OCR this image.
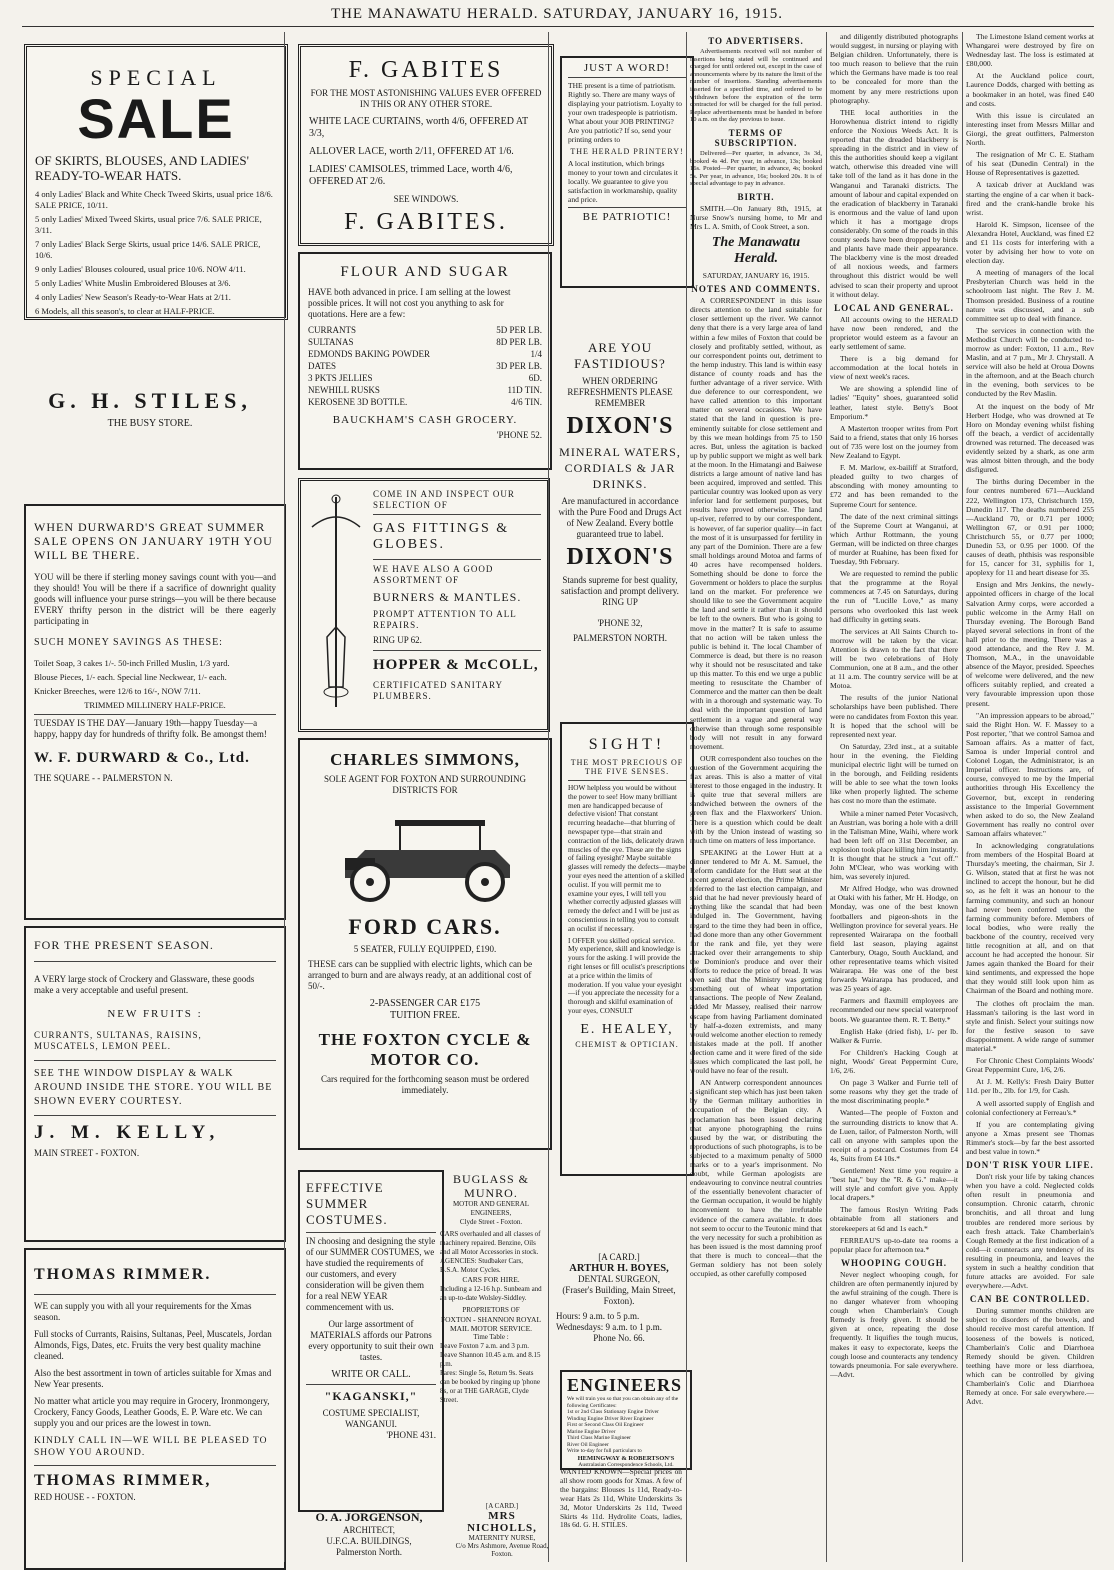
THE MANAWATU HERALD. SATURDAY, JANUARY 16, 1915.
SPECIAL
SALE
OF SKIRTS, BLOUSES, AND LADIES' READY-TO-WEAR HATS.
4 only Ladies' Black and White Check Tweed Skirts, usual price 18/6. SALE PRICE, 10/11.
5 only Ladies' Mixed Tweed Skirts, usual price 7/6. SALE PRICE, 3/11.
7 only Ladies' Black Serge Skirts, usual price 14/6. SALE PRICE, 10/6.
9 only Ladies' Blouses coloured, usual price 10/6. NOW 4/11.
5 only Ladies' White Muslin Embroidered Blouses at 3/6.
4 only Ladies' New Season's Ready-to-Wear Hats at 2/11.
6 Models, all this season's, to clear at HALF-PRICE.
G. H. STILES,
THE BUSY STORE.
WHEN DURWARD'S GREAT SUMMER SALE OPENS ON JANUARY 19TH YOU WILL BE THERE.
YOU will be there if sterling money savings count with you—and they should! You will be there if a sacrifice of downright quality goods will influence your purse strings—you will be there because EVERY thrifty person in the district will be there eagerly participating in
SUCH MONEY SAVINGS AS THESE:
Toilet Soap, 3 cakes 1/-. 50-inch Frilled Muslin, 1/3 yard.
Blouse Pieces, 1/- each. Special line Neckwear, 1/- each.
Knicker Breeches, were 12/6 to 16/-, NOW 7/11.
TRIMMED MILLINERY HALF-PRICE.
TUESDAY IS THE DAY—January 19th—happy Tuesday—a happy, happy day for hundreds of thrifty folk. Be amongst them!
W. F. DURWARD & Co., Ltd.
THE SQUARE - - PALMERSTON N.
FOR THE PRESENT SEASON.
A VERY large stock of Crockery and Glassware, these goods make a very acceptable and useful present.
NEW FRUITS :
CURRANTS, SULTANAS, RAISINS,
MUSCATELS, LEMON PEEL.
SEE THE WINDOW DISPLAY & WALK AROUND INSIDE THE STORE. YOU WILL BE SHOWN EVERY COURTESY.
J. M. KELLY,
MAIN STREET - FOXTON.
THOMAS RIMMER.
WE can supply you with all your requirements for the Xmas season.
Full stocks of Currants, Raisins, Sultanas, Peel, Muscatels, Jordan Almonds, Figs, Dates, etc. Fruits the very best quality machine cleaned.
Also the best assortment in town of articles suitable for Xmas and New Year presents.
No matter what article you may require in Grocery, Ironmongery, Crockery, Fancy Goods, Leather Goods, E. P. Ware etc. We can supply you and our prices are the lowest in town.
KINDLY CALL IN—WE WILL BE PLEASED TO SHOW YOU AROUND.
THOMAS RIMMER,
RED HOUSE - - FOXTON.
F. GABITES
FOR THE MOST ASTONISHING VALUES EVER OFFERED IN THIS OR ANY OTHER STORE.
WHITE LACE CURTAINS, worth 4/6, OFFERED AT 3/3,
ALLOVER LACE, worth 2/11, OFFERED AT 1/6.
LADIES' CAMISOLES, trimmed Lace, worth 4/6, OFFERED AT 2/6.
SEE WINDOWS.
F. GABITES.
FLOUR AND SUGAR
HAVE both advanced in price. I am selling at the lowest possible prices. It will not cost you anything to ask for quotations. Here are a few:
CURRANTS	5D PER LB.
SULTANAS	8D PER LB.
EDMONDS BAKING POWDER	1/4
DATES	3D PER LB.
3 PKTS JELLIES	6D.
NEWHILL RUSKS	11D TIN.
KEROSENE 3D BOTTLE.	4/6 TIN.
BAUCKHAM'S CASH GROCERY.
'PHONE 52.
COME IN AND INSPECT OUR SELECTION OF
GAS FITTINGS & GLOBES.
WE HAVE ALSO A GOOD ASSORTMENT OF
BURNERS & MANTLES.
PROMPT ATTENTION TO ALL REPAIRS.
RING UP 62.
HOPPER & McCOLL,
CERTIFICATED SANITARY PLUMBERS.
CHARLES SIMMONS,
SOLE AGENT FOR FOXTON AND SURROUNDING DISTRICTS FOR
FORD CARS.
5 SEATER, FULLY EQUIPPED, £190.
THESE cars can be supplied with electric lights, which can be arranged to burn and are always ready, at an additional cost of 50/-.
2-PASSENGER CAR £175
TUITION FREE.
THE FOXTON CYCLE & MOTOR CO.
Cars required for the forthcoming season must be ordered immediately.
EFFECTIVE SUMMER COSTUMES.
IN choosing and designing the style of our SUMMER COSTUMES, we have studied the requirements of our customers, and every consideration will be given them for a real NEW YEAR commencement with us.
Our large assortment of MATERIALS affords our Patrons every opportunity to suit their own tastes.
WRITE OR CALL.
"KAGANSKI,"
COSTUME SPECIALIST, WANGANUI.
'PHONE 431.
O. A. JORGENSON,
ARCHITECT,
U.F.C.A. BUILDINGS,
Palmerston North.
BUGLASS & MUNRO.
MOTOR AND GENERAL ENGINEERS,
Clyde Street - Foxton.
CARS overhauled and all classes of machinery repaired. Benzine, Oils and all Motor Accessories in stock.
AGENCIES: Studbaker Cars, B.S.A. Motor Cycles.
CARS FOR HIRE.
Including a 12-16 h.p. Sunbeam and an up-to-date Wolsley-Siddley.
PROPRIETORS OF
FOXTON - SHANNON ROYAL MAIL MOTOR SERVICE.
Time Table :
Leave Foxton 7 a.m. and 3 p.m.
Leave Shannon 10.45 a.m. and 8.15 p.m.
Fares: Single 5s, Return 9s. Seats can be booked by ringing up 'phone 8s, or at THE GARAGE, Clyde Street.
JUST A WORD!
THE present is a time of patriotism. Rightly so. There are many ways of displaying your patriotism. Loyalty to your own tradespeople is patriotism. What about your JOB PRINTING? Are you patriotic? If so, send your printing orders to
THE HERALD PRINTERY!
A local institution, which brings money to your town and circulates it locally. We guarantee to give you satisfaction in workmanship, quality and price.
BE PATRIOTIC!
ARE YOU FASTIDIOUS?
WHEN ORDERING REFRESHMENTS PLEASE REMEMBER
DIXON'S
MINERAL WATERS, CORDIALS & JAR DRINKS.
Are manufactured in accordance with the Pure Food and Drugs Act of New Zealand. Every bottle guaranteed true to label.
DIXON'S
Stands supreme for best quality, satisfaction and prompt delivery. RING UP
'PHONE 32,
PALMERSTON NORTH.
SIGHT!
THE MOST PRECIOUS OF THE FIVE SENSES.
HOW helpless you would be without the power to see! How many brilliant men are handicapped because of defective vision! That constant recurring headache—that blurring of newspaper type—that strain and contraction of the lids, delicately drawn muscles of the eye. These are the signs of failing eyesight? Maybe suitable glasses will remedy the defects—maybe your eyes need the attention of a skilled oculist. If you will permit me to examine your eyes, I will tell you whether correctly adjusted glasses will remedy the defect and I will be just as conscientious in telling you to consult an oculist if necessary.
I OFFER you skilled optical service. My experience, skill and knowledge is yours for the asking. I will provide the right lenses or fill oculist's prescriptions at a price within the limits of moderation. If you value your eyesight—if you appreciate the necessity for a thorough and skilful examination of your eyes, CONSULT
E. HEALEY,
CHEMIST & OPTICIAN.
[A CARD.]
ARTHUR H. BOYES,
DENTAL SURGEON,
(Fraser's Building, Main Street, Foxton).
Hours: 9 a.m. to 5 p.m. Wednesdays: 9 a.m. to 1 p.m.
Phone No. 66.
ENGINEERS
We will train you so that you can obtain any of the following Certificates:
1st or 2nd Class Stationary Engine Driver
Winding Engine Driver River Engineer
First or Second Class Oil Engineer
Marine Engine Driver
Third Class Marine Engineer
River Oil Engineer
Write to-day for full particulars to
HEMINGWAY & ROBERTSON'S
Australasian Correspondence Schools, Ltd.
WANTED KNOWN—Special prices on all show room goods for Xmas. A few of the bargains: Blouses 1s 11d, Ready-to-wear Hats 2s 11d, White Underskirts 3s 3d, Motor Underskirts 2s 11d, Tweed Skirts 4s 11d. Hydrolite Coats, ladies, 18s 6d. G. H. STILES.
[A CARD.]
MRS NICHOLLS,
MATERNITY NURSE,
C/o Mrs Ashmore, Avenue Road, Foxton.
TO ADVERTISERS.

Advertisements received will not number of insertions being stated will be continued and charged for until ordered out, except in the case of announcements where by its nature the limit of the number of insertions. Standing advertisements inserted for a specified time, and ordered to be withdrawn before the expiration of the term contracted for will be charged for the full period. Replace advertisements must be handed in before 10 a.m. on the day previous to issue.

TERMS OF SUBSCRIPTION.

Delivered—Per quarter, in advance, 3s 3d, booked 4s 4d. Per year, in advance, 13s; booked 16s. Posted—Per quarter, in advance, 4s; booked 5s. Per year, in advance, 16s; booked 20s. It is of special advantage to pay in advance.

BIRTH.

SMITH.—On January 8th, 1915, at Nurse Snow's nursing home, to Mr and Mrs L. A. Smith, of Cook Street, a son.

The Manawatu Herald.
SATURDAY, JANUARY 16, 1915.
NOTES AND COMMENTS.

A CORRESPONDENT in this issue directs attention to the land suitable for closer settlement up the river. We cannot deny that there is a very large area of land within a few miles of Foxton that could be closely and profitably settled, without, as our correspondent points out, detriment to the hemp industry. This land is within easy distance of county roads and has the further advantage of a river service. With due deference to our correspondent, we have called attention to this important matter on several occasions. We have stated that the land in question is pre-eminently suitable for close settlement and by this we mean holdings from 75 to 150 acres. But, unless the agitation is backed up by public support we might as well bark at the moon. In the Himatangi and Baiwese districts a large amount of native land has been acquired, improved and settled. This particular country was looked upon as very inferior land for settlement purposes, but results have proved otherwise. The land up-river, referred to by our correspondent, is however, of far superior quality—in fact the most of it is unsurpassed for fertility in any part of the Dominion. There are a few small holdings around Motoa and farms of 40 acres have recompensed holders. Something should be done to force the Government or holders to place the surplus land on the market. For preference we should like to see the Government acquire the land and settle it rather than it should be left to the owners. But who is going to move in the matter? It is safe to assume that no action will be taken unless the public is behind it. The local Chamber of Commerce is dead, but there is no reason why it should not be resuscitated and take up this matter. To this end we urge a public meeting to resuscitate the Chamber of Commerce and the matter can then be dealt with in a thorough and systematic way. To deal with the important question of land settlement in a vague and general way otherwise than through some responsible body will not result in any forward movement.

OUR correspondent also touches on the question of the Government acquiring the flax areas. This is also a matter of vital interest to those engaged in the industry. It is quite true that several millers are sandwiched between the owners of the green flax and the Flaxworkers' Union. There is a question which could be dealt with by the Union instead of wasting so much time on matters of less importance.

SPEAKING at the Lower Hutt at a dinner tendered to Mr A. M. Samuel, the Reform candidate for the Hutt seat at the recent general election, the Prime Minister referred to the last election campaign, and said that he had never previously heard of anything like the scandal that had been indulged in. The Government, having regard to the time they had been in office, had done more than any other Government for the rank and file, yet they were attacked over their arrangements to ship the Dominion's produce and over their efforts to reduce the price of bread. It was even said that the Ministry was getting something out of wheat importation transactions. The people of New Zealand, added Mr Massey, realised their narrow escape from having Parliament dominated by half-a-dozen extremists, and many would welcome another election to remedy mistakes made at the poll. If another election came and it were fired of the side issues which complicated the last poll, he would have no fear of the result.

AN Antwerp correspondent announces a significant step which has just been taken by the German military authorities in occupation of the Belgian city. A proclamation has been issued declaring that anyone photographing the ruins caused by the war, or distributing the reproductions of such photographs, is to be subjected to a maximum penalty of 5000 marks or to a year's imprisonment. No doubt, while German apologists are endeavouring to convince neutral countries of the essentially benevolent character of the German occupation, it would be highly inconvenient to have the irrefutable evidence of the camera available. It does not seem to occur to the Teutonic mind that the very necessity for such a prohibition as has been issued is the most damning proof that there is much to conceal—that the German soldiery has not been solely occupied, as other carefully composed

and diligently distributed photographs would suggest, in nursing or playing with Belgian children. Unfortunately, there is too much reason to believe that the ruin which the Germans have made is too real to be concealed for more than the moment by any mere restrictions upon photography.

THE local authorities in the Horowhenua district intend to rigidly enforce the Noxious Weeds Act. It is reported that the dreaded blackberry is spreading in the district and in view of this the authorities should keep a vigilant watch, otherwise this dreaded vine will take toll of the land as it has done in the Wanganui and Taranaki districts. The amount of labour and capital expended on the eradication of blackberry in Taranaki is enormous and the value of land upon which it has a mortgage drops considerably. On some of the roads in this county seeds have been dropped by birds and plants have made their appearance. The blackberry vine is the most dreaded of all noxious weeds, and farmers throughout this district would be well advised to scan their property and uproot it without delay.

LOCAL AND GENERAL.

All accounts owing to the HERALD have now been rendered, and the proprietor would esteem as a favour an early settlement of same.

There is a big demand for accommodation at the local hotels in view of next week's races.

We are showing a splendid line of ladies' "Equity" shoes, guaranteed solid leather, latest style. Betty's Boot Emporium.*

A Masterton trooper writes from Port Said to a friend, states that only 16 horses out of 735 were lost on the journey from New Zealand to Egypt.

F. M. Marlow, ex-bailiff at Stratford, pleaded guilty to two charges of absconding with money amounting to £72 and has been remanded to the Supreme Court for sentence.

The date of the next criminal sittings of the Supreme Court at Wanganui, at which Arthur Rottmann, the young German, will be indicted on three charges of murder at Ruahine, has been fixed for Tuesday, 9th February.

We are requested to remind the public that the programme at the Royal commences at 7.45 on Saturdays, during the run of "Lucille Love," as many persons who overlooked this last week had difficulty in getting seats.

The services at All Saints Church to-morrow will be taken by the vicar. Attention is drawn to the fact that there will be two celebrations of Holy Communion, one at 8 a.m., and the other at 11 a.m. The country service will be at Motoa.

The results of the junior National scholarships have been published. There were no candidates from Foxton this year. It is hoped that the school will be represented next year.

On Saturday, 23rd inst., at a suitable hour in the evening, the Fielding municipal electric light will be turned on in the borough, and Feilding residents will be able to see what the town looks like when properly lighted. The scheme has cost no more than the estimate.

While a miner named Peter Vocasivch, an Austrian, was boring a hole with a drill in the Talisman Mine, Waihi, where work had been left off on 31st December, an explosion took place killing him instantly. It is thought that he struck a "cut off." John M'Clear, who was working with him, was severely injured.

Mr Alfred Hodge, who was drowned at Otaki with his father, Mr H. Hodge, on Monday, was one of the best known footballers and pigeon-shots in the Wellington province for several years. He represented Wairarapa on the football field last season, playing against Canterbury, Otago, South Auckland, and other representative teams which visited Wairarapa. He was one of the best forwards Wairarapa has produced, and was 25 years of age.

Farmers and flaxmill employees are recommended our new special waterproof boots. We guarantee them. R. T. Betty.*

English Hake (dried fish), 1/- per lb. Walker & Furrie.

For Children's Hacking Cough at night, Woods' Great Peppermint Cure, 1/6, 2/6.

On page 3 Walker and Furrie tell of some reasons why they get the trade of the most discriminating people.*

Wanted—The people of Foxton and the surrounding districts to know that A. de Luen, tailor, of Palmerston North, will call on anyone with samples upon the receipt of a postcard. Costumes from £4 4s, Suits from £4 10s.*

Gentlemen! Next time you require a "best hat," buy the "R. & G." make—it will style and comfort give you. Apply local drapers.*

The famous Roslyn Writing Pads obtainable from all stationers and storekeepers at 6d and 1s each.*

FERREAU'S up-to-date tea rooms a popular place for afternoon tea.*

WHOOPING COUGH.

Never neglect whooping cough, for children are often permanently injured by the awful straining of the cough. There is no danger whatever from whooping cough when Chamberlain's Cough Remedy is freely given. It should be given at once, repeating the dose frequently. It liquifies the tough mucus, makes it easy to expectorate, keeps the cough loose and counteracts any tendency towards pneumonia. For sale everywhere.—Advt.

The Limestone Island cement works at Whangarei were destroyed by fire on Wednesday last. The loss is estimated at £80,000.

At the Auckland police court, Laurence Dodds, charged with betting as a bookmaker in an hotel, was fined £40 and costs.

With this issue is circulated an interesting inset from Messrs Millar and Giorgi, the great outfitters, Palmerston North.

The resignation of Mr C. E. Statham of his seat (Dunedin Central) in the House of Representatives is gazetted.

A taxicab driver at Auckland was starting the engine of a car when it back-fired and the crank-handle broke his wrist.

Harold K. Simpson, licensee of the Alexandra Hotel, Auckland, was fined £2 and £1 11s costs for interfering with a voter by advising her how to vote on election day.

A meeting of managers of the local Presbyterian Church was held in the schoolroom last night. The Rev J. M. Thomson presided. Business of a routine nature was discussed, and a sub committee set up to deal with finance.

The services in connection with the Methodist Church will be conducted to-morrow as under: Foxton, 11 a.m., Rev Maslin, and at 7 p.m., Mr J. Chrystall. A service will also be held at Oroua Downs in the afternoon, and at the Beach church in the evening, both services to be conducted by the Rev Maslin.

At the inquest on the body of Mr Herbert Hodge, who was drowned at Te Horo on Monday evening whilst fishing off the beach, a verdict of accidentally drowned was returned. The deceased was evidently seized by a shark, as one arm was almost bitten through, and the body disfigured.

The births during December in the four centres numbered 671—Auckland 222, Wellington 173, Christchurch 159, Dunedin 117. The deaths numbered 255—Auckland 70, or 0.71 per 1000; Wellington 67, or 0.91 per 1000; Christchurch 55, or 0.77 per 1000; Dunedin 53, or 0.95 per 1000. Of the causes of death, phthisis was responsible for 15, cancer for 31, syphilis for 1, apoplexy for 11 and heart disease for 35.

Ensign and Mrs Jenkins, the newly-appointed officers in charge of the local Salvation Army corps, were accorded a public welcome in the Army Hall on Thursday evening. The Borough Band played several selections in front of the hall prior to the meeting. There was a good attendance, and the Rev J. M. Thomson, M.A., in the unavoidable absence of the Mayor, presided. Speeches of welcome were delivered, and the new officers suitably replied, and created a very favourable impression upon those present.

"An impression appears to be abroad," said the Right Hon. W. F. Massey to a Post reporter, "that we control Samoa and Samoan affairs. As a matter of fact, Samoa is under Imperial control and Colonel Logan, the Administrator, is an Imperial officer. Instructions are, of course, conveyed to me by the Imperial authorities through His Excellency the Governor, but, except in rendering assistance to the Imperial Government when asked to do so, the New Zealand Government has really no control over Samoan affairs whatever."

In acknowledging congratulations from members of the Hospital Board at Thursday's meeting, the chairman, Sir J. G. Wilson, stated that at first he was not inclined to accept the honour, but he did so, as he felt it was an honour to the farming community, and such an honour had never been conferred upon the farming community before. Members of local bodies, who were really the backbone of the country, received very little recognition at all, and on that account he had accepted the honour. Sir James again thanked the Board for their kind sentiments, and expressed the hope that they would still look upon him as Chairman of the Board and nothing more.

The clothes oft proclaim the man. Hassman's tailoring is the last word in style and finish. Select your suitings now for the festive season to save disappointment. A wide range of summer material.*

For Chronic Chest Complaints Woods' Great Peppermint Cure, 1/6, 2/6.

At J. M. Kelly's: Fresh Dairy Butter 11d. per lb., 2lb. for 1/9, for Cash.

A well assorted supply of English and colonial confectionery at Ferreau's.*

If you are contemplating giving anyone a Xmas present see Thomas Rimmer's stock—by far the best assorted and best value in town.*

DON'T RISK YOUR LIFE.

Don't risk your life by taking chances when you have a cold. Neglected colds often result in pneumonia and consumption. Chronic catarrh, chronic bronchitis, and all throat and lung troubles are rendered more serious by each fresh attack. Take Chamberlain's Cough Remedy at the first indication of a cold—it counteracts any tendency of its resulting in pneumonia, and leaves the system in such a healthy condition that future attacks are avoided. For sale everywhere.—Advt.

CAN BE CONTROLLED.

During summer months children are subject to disorders of the bowels, and should receive most careful attention. If looseness of the bowels is noticed, Chamberlain's Colic and Diarrhoea Remedy should be given. Children teething have more or less diarrhoea, which can be controlled by giving Chamberlain's Colic and Diarrhoea Remedy at once. For sale everywhere.—Advt.
